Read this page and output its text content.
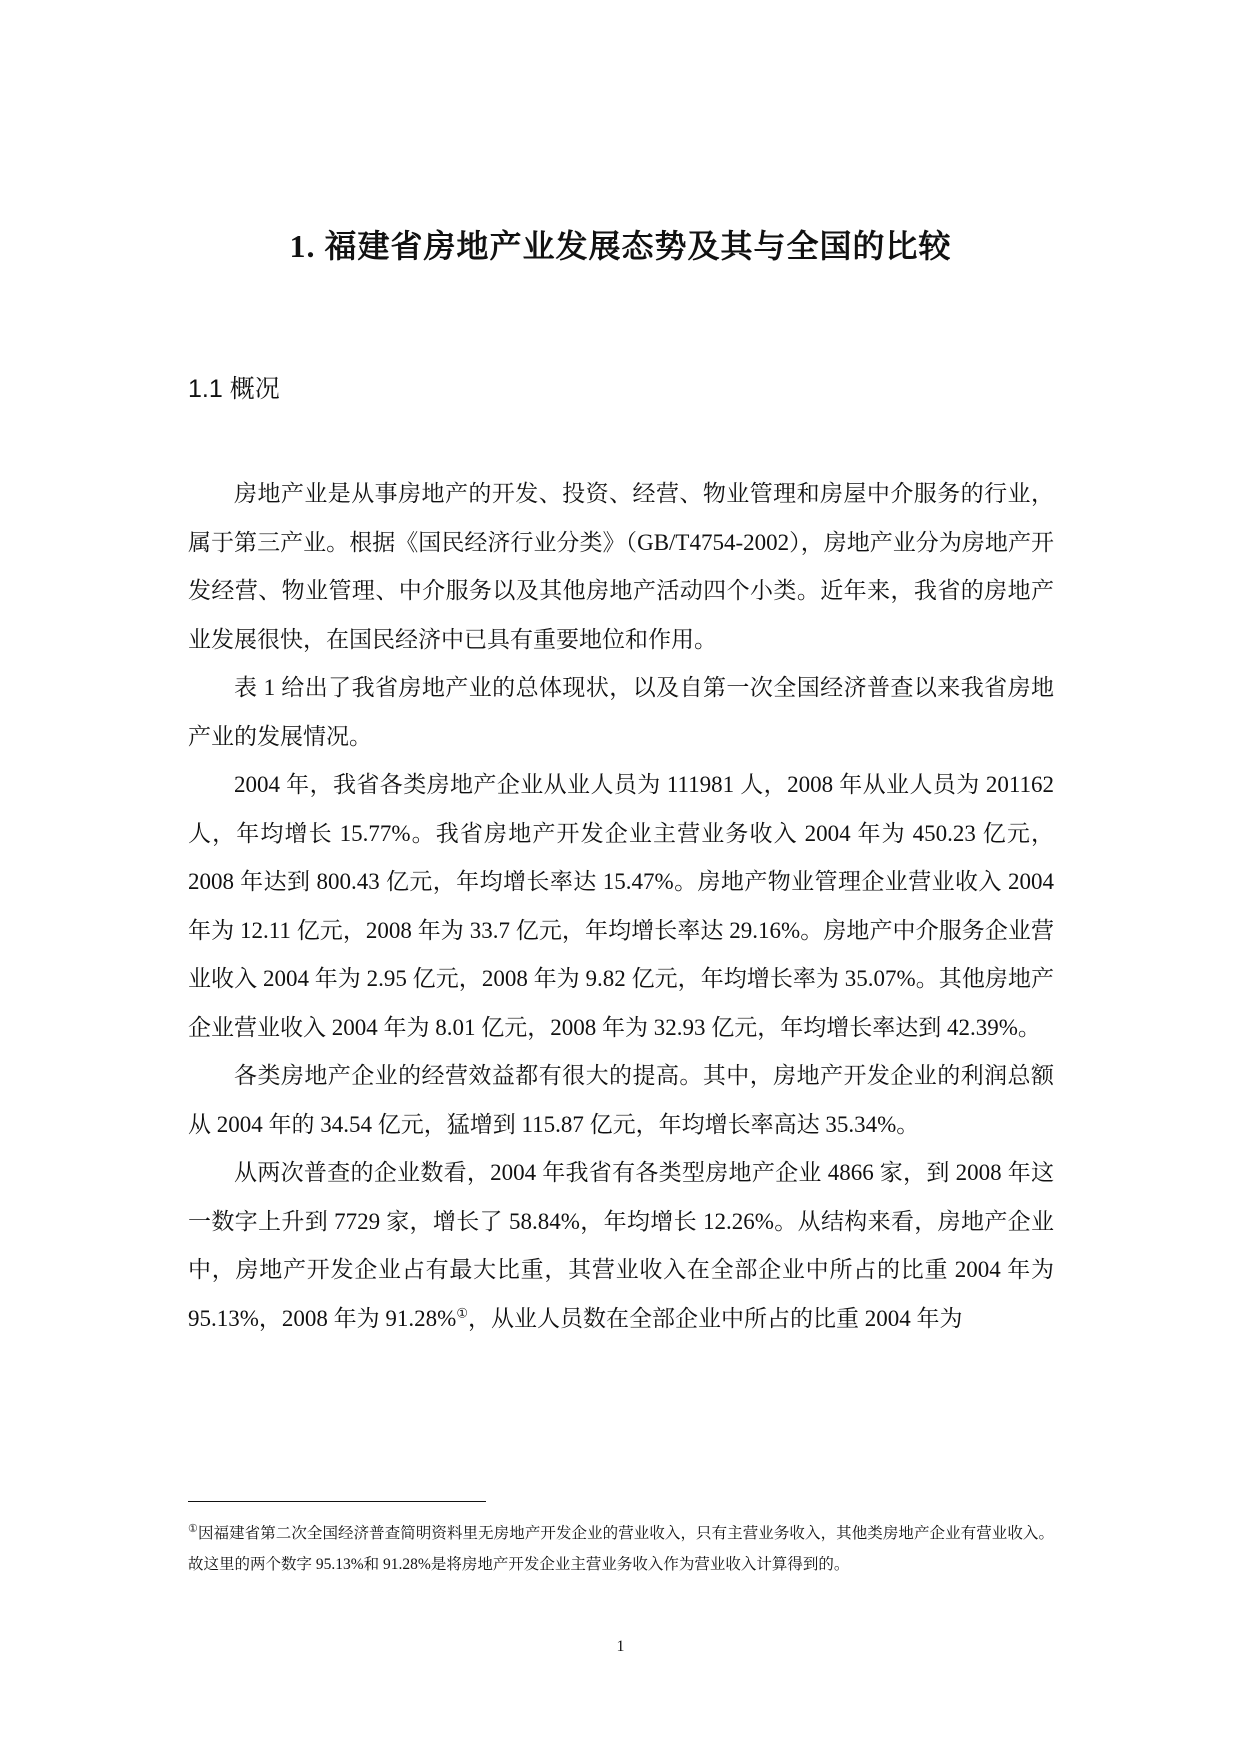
1. 福建省房地产业发展态势及其与全国的比较
1.1 概况

房地产业是从事房地产的开发、投资、经营、物业管理和房屋中介服务的行业，属于第三产业。根据《国民经济行业分类》（GB/T4754-2002），房地产业分为房地产开发经营、物业管理、中介服务以及其他房地产活动四个小类。近年来，我省的房地产业发展很快，在国民经济中已具有重要地位和作用。

表 1 给出了我省房地产业的总体现状，以及自第一次全国经济普查以来我省房地产业的发展情况。

2004 年，我省各类房地产企业从业人员为 111981 人，2008 年从业人员为 201162 人，年均增长 15.77%。我省房地产开发企业主营业务收入 2004 年为 450.23 亿元，2008 年达到 800.43 亿元，年均增长率达 15.47%。房地产物业管理企业营业收入 2004 年为 12.11 亿元，2008 年为 33.7 亿元，年均增长率达 29.16%。房地产中介服务企业营业收入 2004 年为 2.95 亿元，2008 年为 9.82 亿元，年均增长率为 35.07%。其他房地产企业营业收入 2004 年为 8.01 亿元，2008 年为 32.93 亿元，年均增长率达到 42.39%。

各类房地产企业的经营效益都有很大的提高。其中，房地产开发企业的利润总额从 2004 年的 34.54 亿元，猛增到 115.87 亿元，年均增长率高达 35.34%。

从两次普查的企业数看，2004 年我省有各类型房地产企业 4866 家，到 2008 年这一数字上升到 7729 家，增长了 58.84%，年均增长 12.26%。从结构来看，房地产企业中，房地产开发企业占有最大比重，其营业收入在全部企业中所占的比重 2004 年为 95.13%，2008 年为 91.28%①，从业人员数在全部企业中所占的比重 2004 年为

①因福建省第二次全国经济普查简明资料里无房地产开发企业的营业收入，只有主营业务收入，其他类房地产企业有营业收入。故这里的两个数字 95.13%和 91.28%是将房地产开发企业主营业务收入作为营业收入计算得到的。
1
